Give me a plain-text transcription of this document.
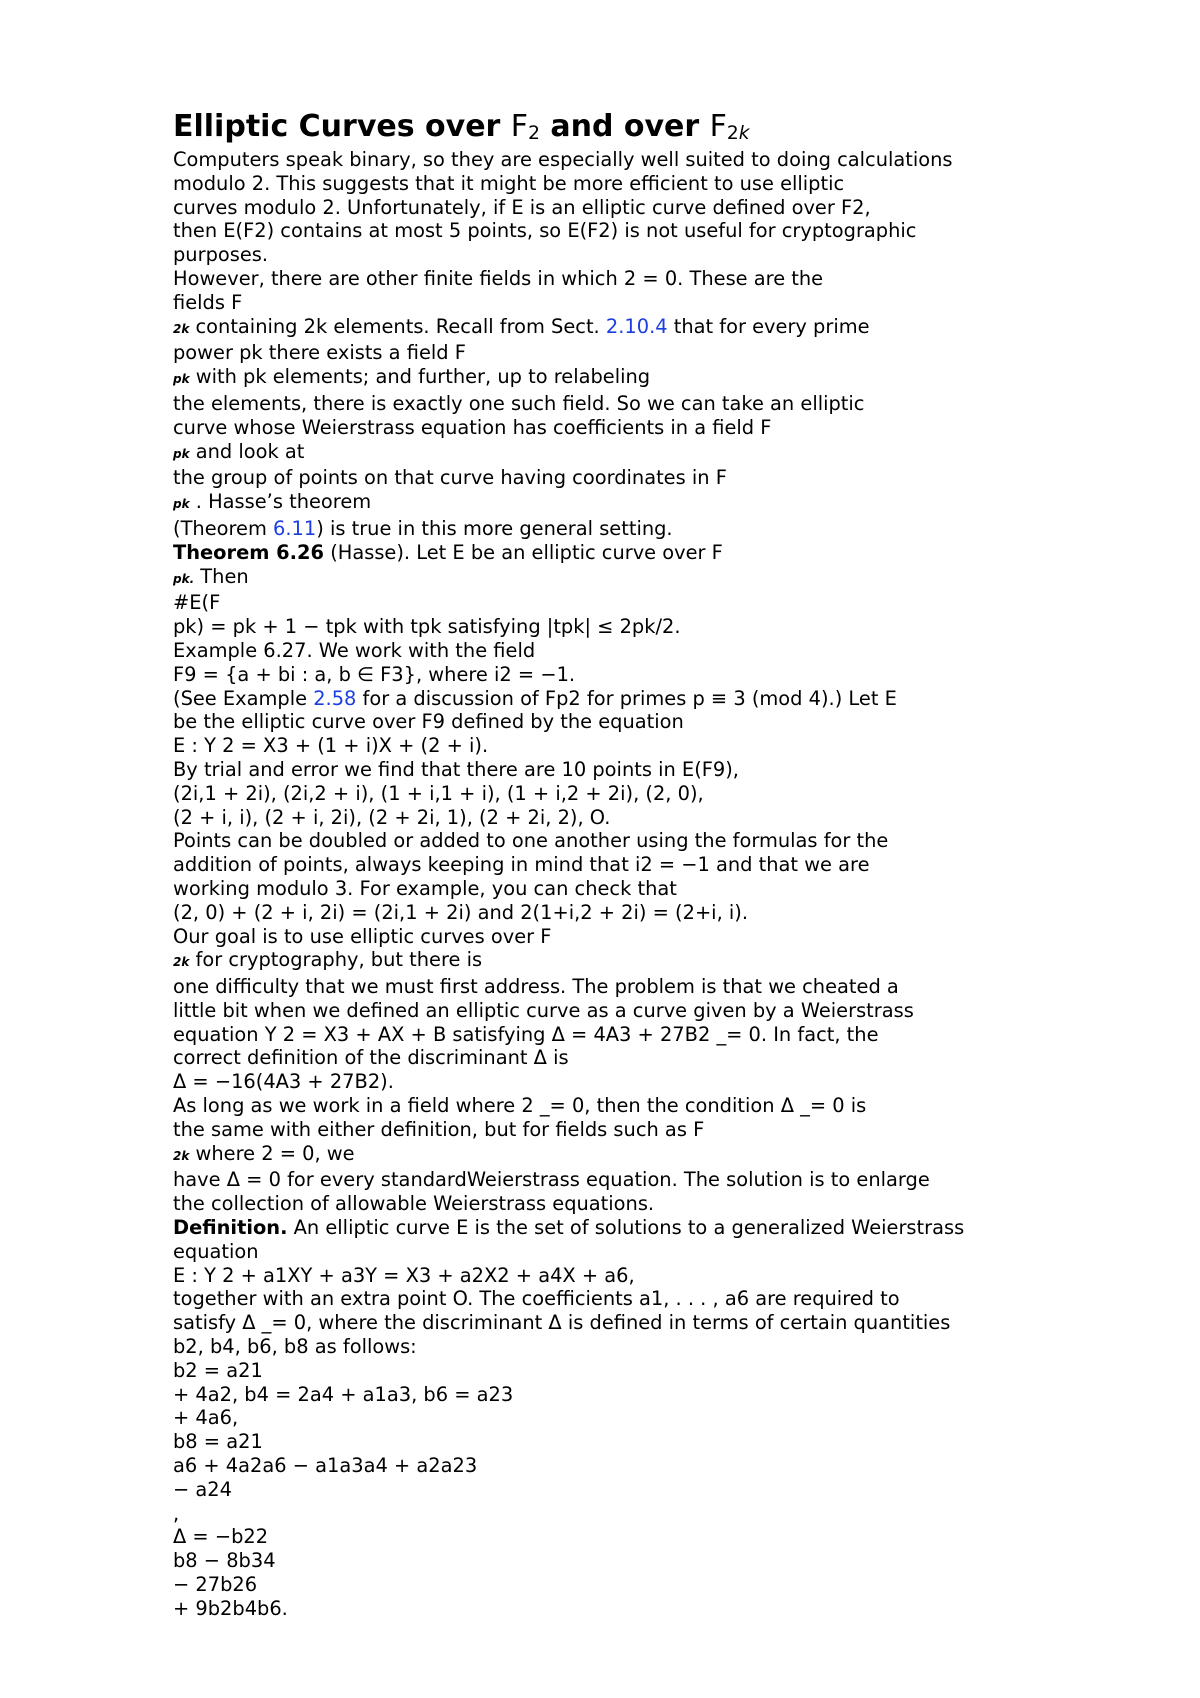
Elliptic Curves over $F_2$ and over $F_{2k}$
Computers speak binary, so they are especially well suited to doing calculations
modulo 2. This suggests that it might be more efficient to use elliptic
curves modulo 2. Unfortunately, if E is an elliptic curve defined over F2,
then E(F2) contains at most 5 points, so E(F2) is not useful for cryptographic
purposes.
However, there are other finite fields in which 2 = 0. These are the
fields F
2k containing 2k elements. Recall from Sect. 2.10.4 that for every prime
power pk there exists a field F
pk with pk elements; and further, up to relabeling
the elements, there is exactly one such field. So we can take an elliptic
curve whose Weierstrass equation has coefficients in a field F
pk and look at
the group of points on that curve having coordinates in F
pk . Hasse’s theorem
(Theorem 6.11) is true in this more general setting.
Theorem 6.26 (Hasse). Let E be an elliptic curve over F
pk. Then
#E(F
pk) = pk + 1 − tpk with tpk satisfying |tpk| ≤ 2pk/2.
Example 6.27. We work with the field
F9 = {a + bi : a, b ∈ F3}, where i2 = −1.
(See Example 2.58 for a discussion of Fp2 for primes p ≡ 3 (mod 4).) Let E
be the elliptic curve over F9 defined by the equation
E : Y 2 = X3 + (1 + i)X + (2 + i).
By trial and error we find that there are 10 points in E(F9),
(2i,1 + 2i), (2i,2 + i), (1 + i,1 + i), (1 + i,2 + 2i), (2, 0),
(2 + i, i), (2 + i, 2i), (2 + 2i, 1), (2 + 2i, 2), O.
Points can be doubled or added to one another using the formulas for the
addition of points, always keeping in mind that i2 = −1 and that we are
working modulo 3. For example, you can check that
(2, 0) + (2 + i, 2i) = (2i,1 + 2i) and 2(1+i,2 + 2i) = (2+i, i).
Our goal is to use elliptic curves over F
2k for cryptography, but there is
one difficulty that we must first address. The problem is that we cheated a
little bit when we defined an elliptic curve as a curve given by a Weierstrass
equation Y 2 = X3 + AX + B satisfying Δ = 4A3 + 27B2 _= 0. In fact, the
correct definition of the discriminant Δ is
Δ = −16(4A3 + 27B2).
As long as we work in a field where 2 _= 0, then the condition Δ _= 0 is
the same with either definition, but for fields such as F
2k where 2 = 0, we
have Δ = 0 for every standardWeierstrass equation. The solution is to enlarge
the collection of allowable Weierstrass equations.
Definition. An elliptic curve E is the set of solutions to a generalized Weierstrass
equation
E : Y 2 + a1XY + a3Y = X3 + a2X2 + a4X + a6,
together with an extra point O. The coefficients a1, . . . , a6 are required to
satisfy Δ _= 0, where the discriminant Δ is defined in terms of certain quantities
b2, b4, b6, b8 as follows:
b2 = a21
+ 4a2, b4 = 2a4 + a1a3, b6 = a23
+ 4a6,
b8 = a21
a6 + 4a2a6 − a1a3a4 + a2a23
− a24
,
Δ = −b22
b8 − 8b34
− 27b26
+ 9b2b4b6.
